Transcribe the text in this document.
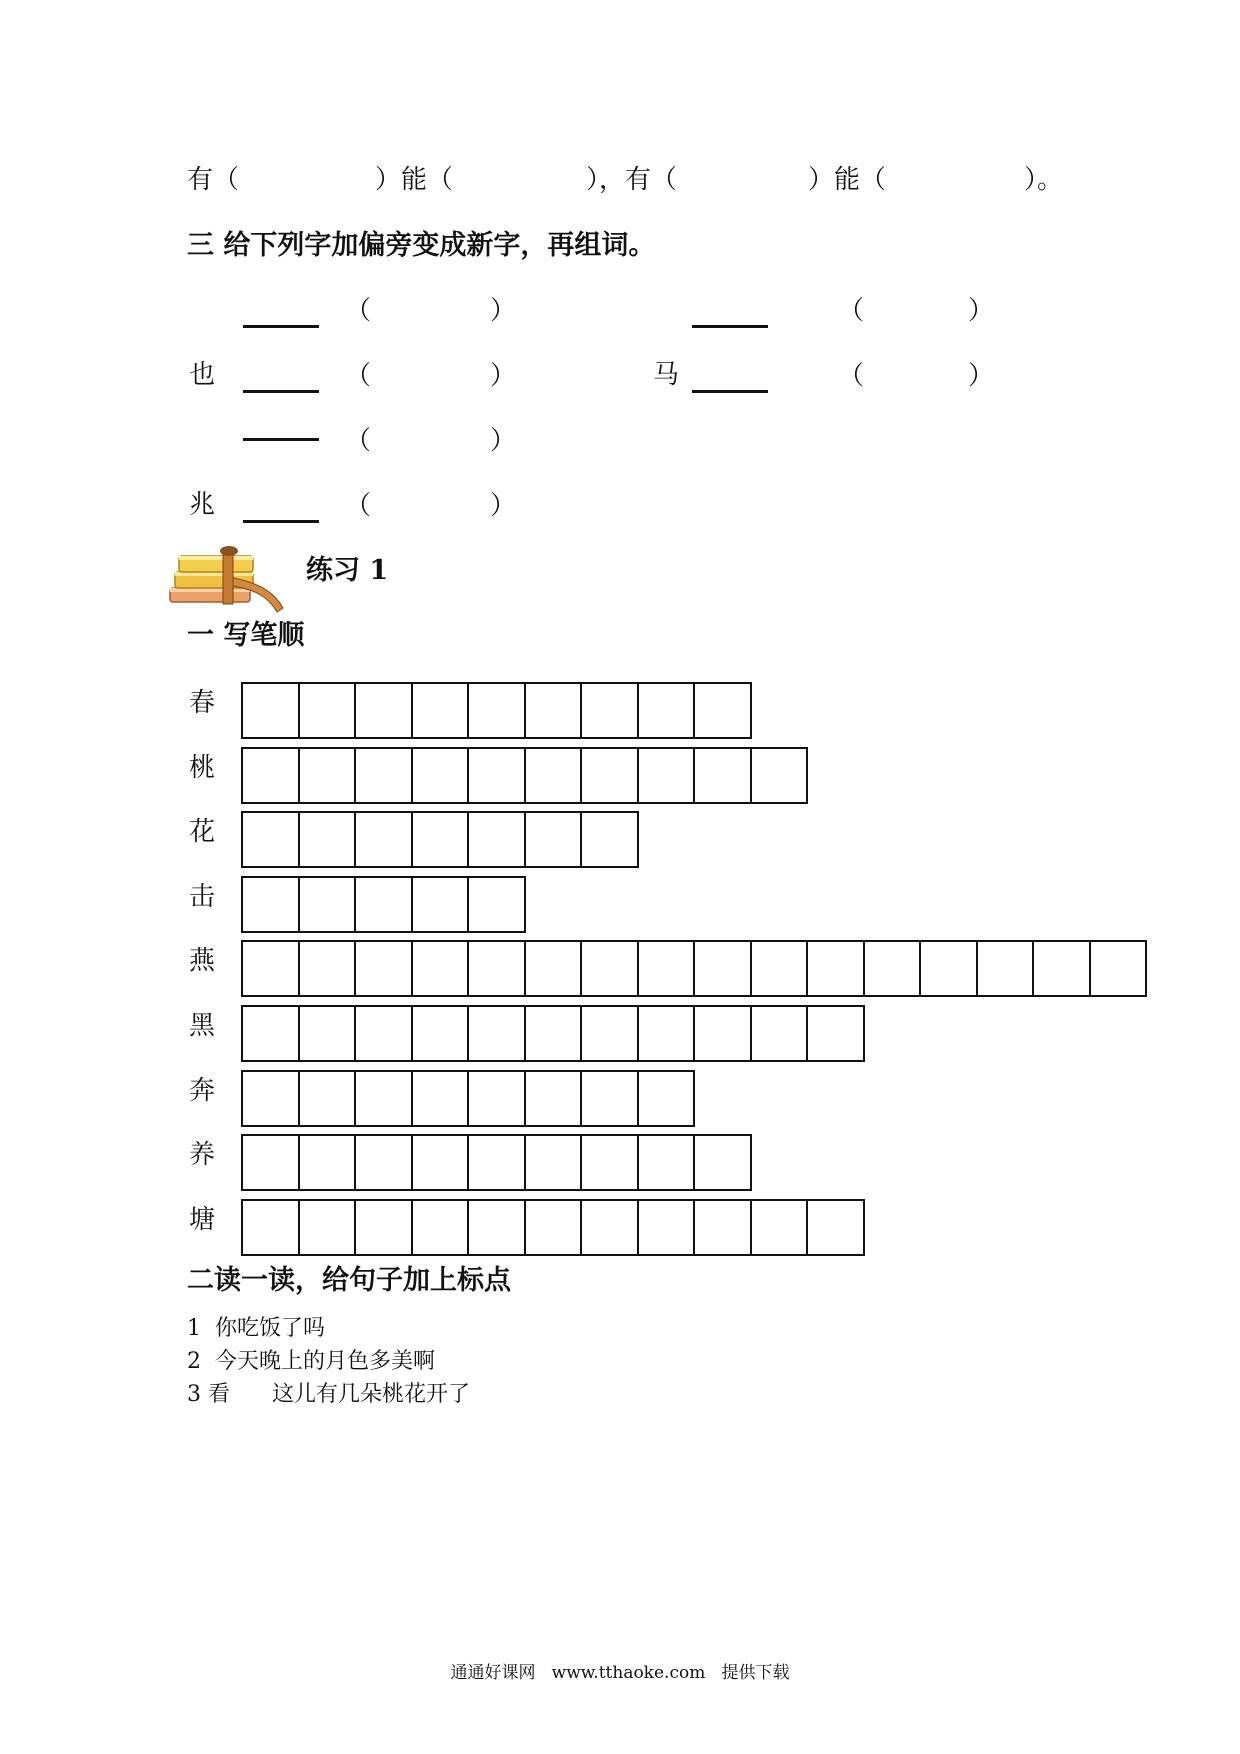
有（	）能（	），有（	）能（	）。
三 给下列字加偏旁变成新字，再组词。
（	）	（	）
也	（	）	马	（	）
（	）
兆	（	）
练习 1
一 写笔顺
春
桃
花
击
燕
黑
奔
养
塘
二读一读，给句子加上标点
1  你吃饭了吗
2  今天晚上的月色多美啊
3 看      这儿有几朵桃花开了
通通好课网   www.tthaoke.com   提供下载
